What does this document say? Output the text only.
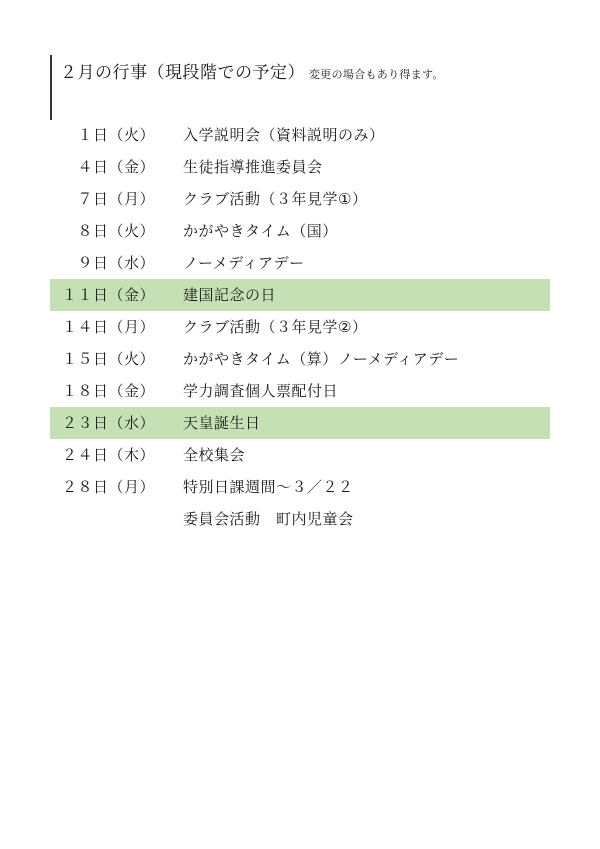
２月の行事（現段階での予定） 変更の場合もあり得ます。
１日（火） 入学説明会（資料説明のみ）
４日（金） 生徒指導推進委員会
７日（月） クラブ活動（３年見学①）
８日（火） かがやきタイム（国）
９日（水） ノーメディアデー
１１日（金） 建国記念の日
１４日（月） クラブ活動（３年見学②）
１５日（火） かがやきタイム（算）ノーメディアデー
１８日（金） 学力調査個人票配付日
２３日（水） 天皇誕生日
２４日（木） 全校集会
２８日（月） 特別日課週間～３／２２
委員会活動　町内児童会
